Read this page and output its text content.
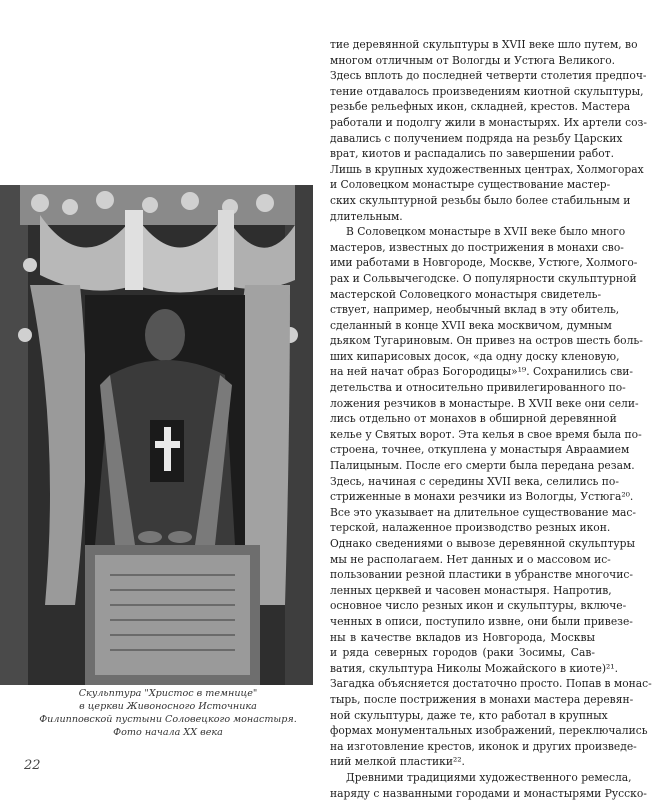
Скульптура "Христос в темнице"
в церкви Живоносного Источника
Филипповской пустыни Соловецкого монастыря.
Фото начала XX века
22
тие деревянной скульптуры в XVII веке шло путем, во
многом отличным от Вологды и Устюга Великого.
Здесь вплоть до последней четверти столетия предпоч-
тение отдавалось произведениям киотной скульптуры,
резьбе рельефных икон, складней, крестов. Мастера
работали и подолгу жили в монастырях. Их артели соз-
давались с получением подряда на резьбу Царских
врат, киотов и распадались по завершении работ.
Лишь в крупных художественных центрах, Холмогорах
и Соловецком монастыре существование мастер-
ских скульптурной резьбы было более стабильным и
длительным.
В Соловецком монастыре в XVII веке было много
мастеров, известных до пострижения в монахи сво-
ими работами в Новгороде, Москве, Устюге, Холмого-
рах и Сольвычегодске. О популярности скульптурной
мастерской Соловецкого монастыря свидетель-
ствует, например, необычный вклад в эту обитель,
сделанный в конце XVII века москвичом, думным
дьяком Тугариновым. Он привез на остров шесть боль-
ших кипарисовых досок, «да одну доску кленовую,
на ней начат образ Богородицы»¹⁹. Сохранились сви-
детельства и относительно привилегированного по-
ложения резчиков в монастыре. В XVII веке они сели-
лись отдельно от монахов в обширной деревянной
келье у Святых ворот. Эта келья в свое время была по-
строена, точнее, откуплена у монастыря Авраамием
Палицыным. После его смерти была передана резам.
Здесь, начиная с середины XVII века, селились по-
стриженные в монахи резчики из Вологды, Устюга²⁰.
Все это указывает на длительное существование мас-
терской, налаженное производство резных икон.
Однако сведениями о вывозе деревянной скульптуры
мы не располагаем. Нет данных и о массовом ис-
пользовании резной пластики в убранстве многочис-
ленных церквей и часовен монастыря. Напротив,
основное число резных икон и скульптуры, включе-
ченных в описи, поступило извне, они были привезе-
ны в качестве вкладов из Новгорода, Москвы
и ряда северных городов (раки Зосимы, Сав-
ватия, скульптура Николы Можайского в киоте)²¹.
Загадка объясняется достаточно просто. Попав в монас-
тырь, после пострижения в монахи мастера деревян-
ной скульптуры, даже те, кто работал в крупных
формах монументальных изображений, переключались
на изготовление крестов, иконок и других произведе-
ний мелкой пластики²².
Древними традициями художественного ремесла,
наряду с названными городами и монастырями Русско-
